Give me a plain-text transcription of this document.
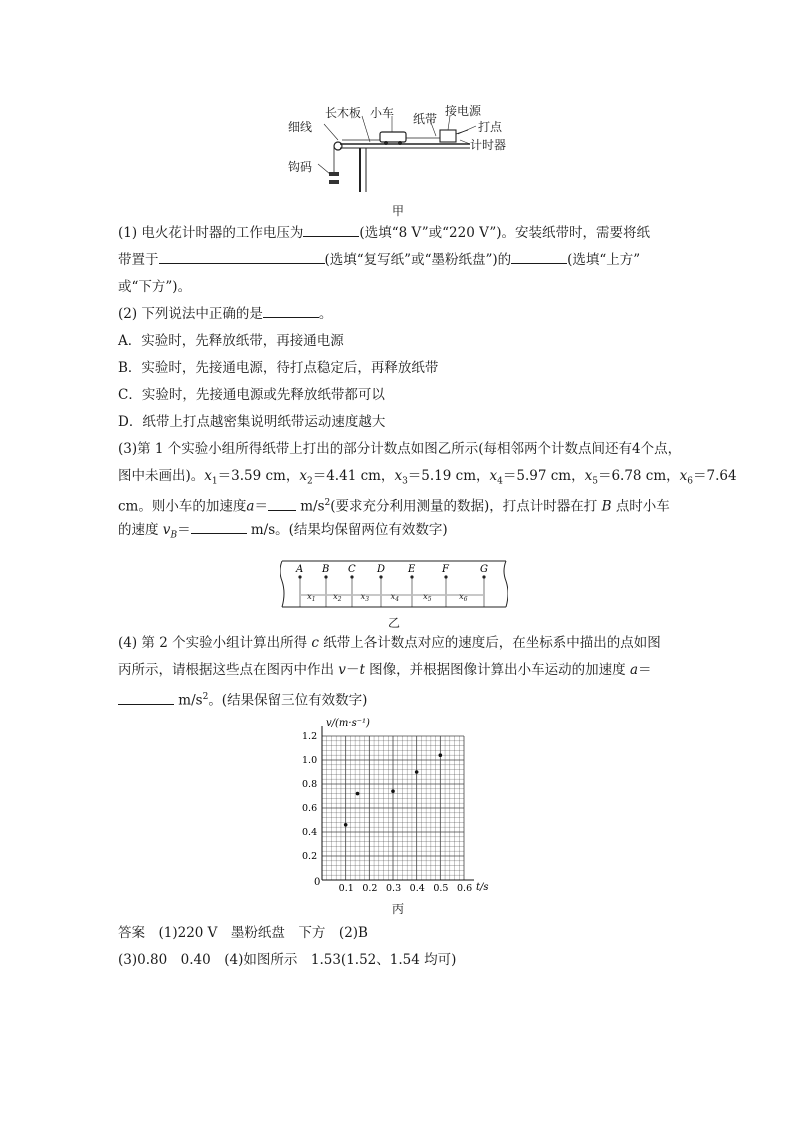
细线
长木板 小车 纸带
接电源
打点
计时器
钩码
甲
(1) 电火花计时器的工作电压为	(选填“8 V”或“220 V”)。安装纸带时，需要将纸
带置于	(选填“复写纸”或“墨粉纸盘”)的	(选填“上方”
或“下方”)。
(2) 下列说法中正确的是	。
A．实验时，先释放纸带，再接通电源
B．实验时，先接通电源，待打点稳定后，再释放纸带
C．实验时，先接通电源或先释放纸带都可以
D．纸带上打点越密集说明纸带运动速度越大
(3)第 1 个实验小组所得纸带上打出的部分计数点如图乙所示(每相邻两个计数点间还有4个点，
图中未画出)。$x_1=3.59$ cm，$x_2=4.41$ cm，$x_3=5.19$ cm，$x_4=5.97$ cm，$x_5=6.78$ cm，$x_6=7.64$
cm。则小车的加速度$a= m/s^2$(要求充分利用测量的数据)，打点计时器在打 B 点时小车
的速度 $v_B=$	m/s。(结果均保留两位有效数字)
A B C D E	F	G
$x_1$ $x_2$ $x_3$	$x_4$	$x_5$	$x_6$
乙
(4) 第 2 个实验小组计算出所得 c 纸带上各计数点对应的速度后，在坐标系中描出的点如图
丙所示，请根据这些点在图丙中作出 v－t 图像，并根据图像计算出小车运动的加速度 a＝
$m/s^2$。(结果保留三位有效数字)
0.1 0.2 0.3 0.4 0.5 0.6
0.2
0.4
0.6
0.8
1.0
1.2
v/(m·s⁻¹)
t/s
0
丙
答案　(1)220 V　墨粉纸盘　下方　(2)B
(3)0.80　0.40　(4)如图所示　1.53(1.52、1.54 均可)
